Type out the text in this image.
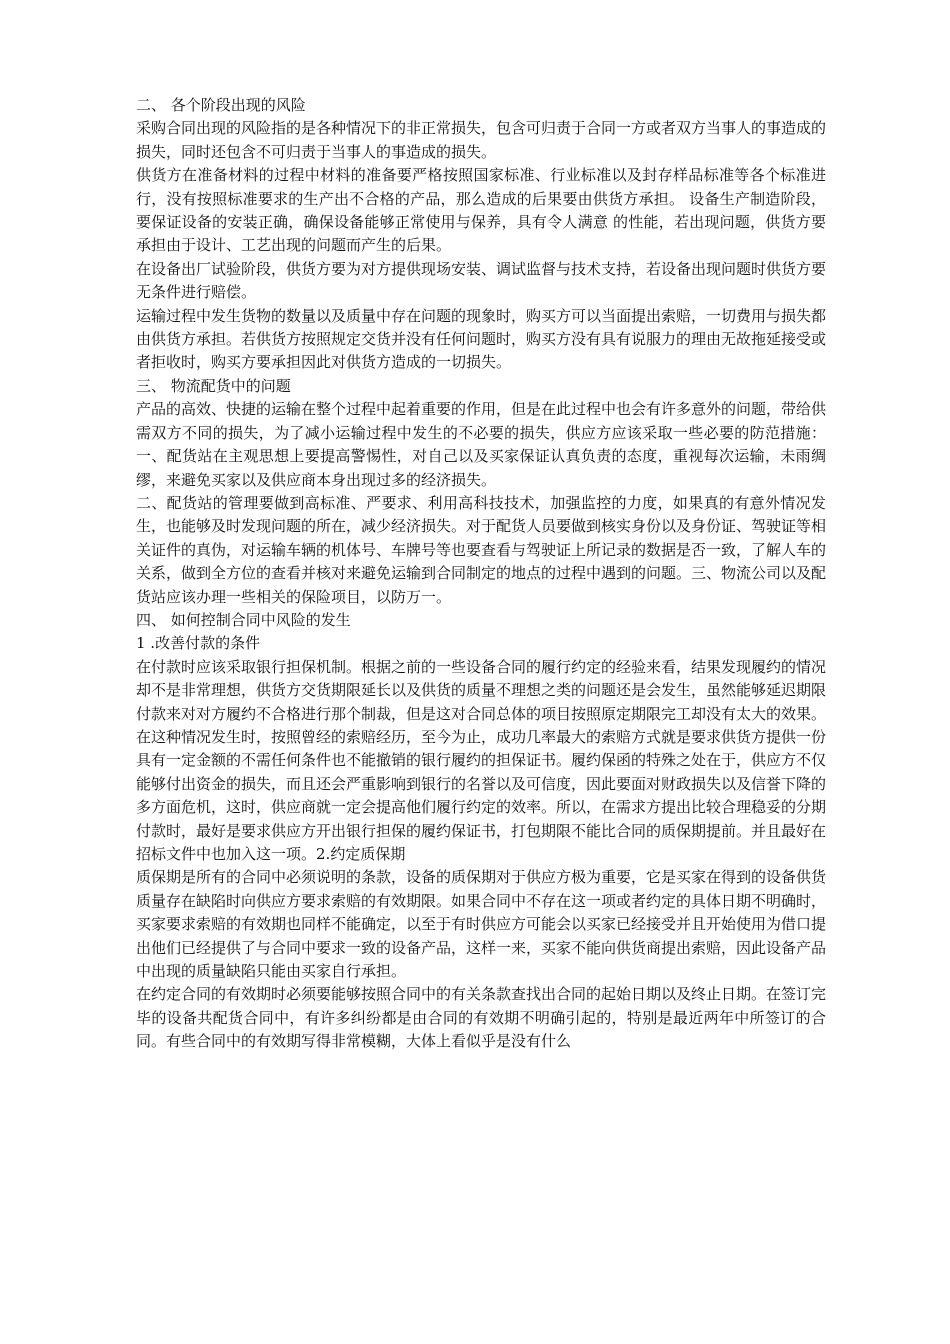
二、 各个阶段出现的风险

采购合同出现的风险指的是各种情况下的非正常损失，包含可归责于合同一方或者双方当事人的事造成的损失，同时还包含不可归责于当事人的事造成的损失。

供货方在准备材料的过程中材料的准备要严格按照国家标准、行业标准以及封存样品标准等各个标准进行，没有按照标准要求的生产出不合格的产品，那么造成的后果要由供货方承担。 设备生产制造阶段，要保证设备的安装正确，确保设备能够正常使用与保养，具有令人满意 的性能，若出现问题，供货方要承担由于设计、工艺出现的问题而产生的后果。

在设备出厂试验阶段，供货方要为对方提供现场安装、调试监督与技术支持，若设备出现问题时供货方要无条件进行赔偿。

运输过程中发生货物的数量以及质量中存在问题的现象时，购买方可以当面提出索赔，一切费用与损失都由供货方承担。若供货方按照规定交货并没有任何问题时，购买方没有具有说服力的理由无故拖延接受或者拒收时，购买方要承担因此对供货方造成的一切损失。

三、 物流配货中的问题

产品的高效、快捷的运输在整个过程中起着重要的作用，但是在此过程中也会有许多意外的问题，带给供需双方不同的损失，为了减小运输过程中发生的不必要的损失，供应方应该采取一些必要的防范措施：一、配货站在主观思想上要提高警惕性，对自己以及买家保证认真负责的态度，重视每次运输，未雨绸缪，来避免买家以及供应商本身出现过多的经济损失。

二、配货站的管理要做到高标准、严要求、利用高科技技术，加强监控的力度，如果真的有意外情况发生，也能够及时发现问题的所在，减少经济损失。对于配货人员要做到核实身份以及身份证、驾驶证等相关证件的真伪，对运输车辆的机体号、车牌号等也要查看与驾驶证上所记录的数据是否一致，了解人车的关系，做到全方位的查看并核对来避免运输到合同制定的地点的过程中遇到的问题。三、物流公司以及配货站应该办理一些相关的保险项目，以防万一。

四、 如何控制合同中风险的发生

1 .改善付款的条件

在付款时应该采取银行担保机制。根据之前的一些设备合同的履行约定的经验来看，结果发现履约的情况却不是非常理想，供货方交货期限延长以及供货的质量不理想之类的问题还是会发生，虽然能够延迟期限付款来对对方履约不合格进行那个制裁，但是这对合同总体的项目按照原定期限完工却没有太大的效果。在这种情况发生时，按照曾经的索赔经历，至今为止，成功几率最大的索赔方式就是要求供货方提供一份具有一定金额的不需任何条件也不能撤销的银行履约的担保证书。履约保函的特殊之处在于，供应方不仅能够付出资金的损失，而且还会严重影响到银行的名誉以及可信度，因此要面对财政损失以及信誉下降的多方面危机，这时，供应商就一定会提高他们履行约定的效率。所以，在需求方提出比较合理稳妥的分期付款时，最好是要求供应方开出银行担保的履约保证书，打包期限不能比合同的质保期提前。并且最好在招标文件中也加入这一项。2.约定质保期

质保期是所有的合同中必须说明的条款，设备的质保期对于供应方极为重要，它是买家在得到的设备供货质量存在缺陷时向供应方要求索赔的有效期限。如果合同中不存在这一项或者约定的具体日期不明确时，买家要求索赔的有效期也同样不能确定，以至于有时供应方可能会以买家已经接受并且开始使用为借口提出他们已经提供了与合同中要求一致的设备产品，这样一来，买家不能向供货商提出索赔，因此设备产品中出现的质量缺陷只能由买家自行承担。

在约定合同的有效期时必须要能够按照合同中的有关条款查找出合同的起始日期以及终止日期。在签订完毕的设备共配货合同中，有许多纠纷都是由合同的有效期不明确引起的，特别是最近两年中所签订的合同。有些合同中的有效期写得非常模糊，大体上看似乎是没有什么
